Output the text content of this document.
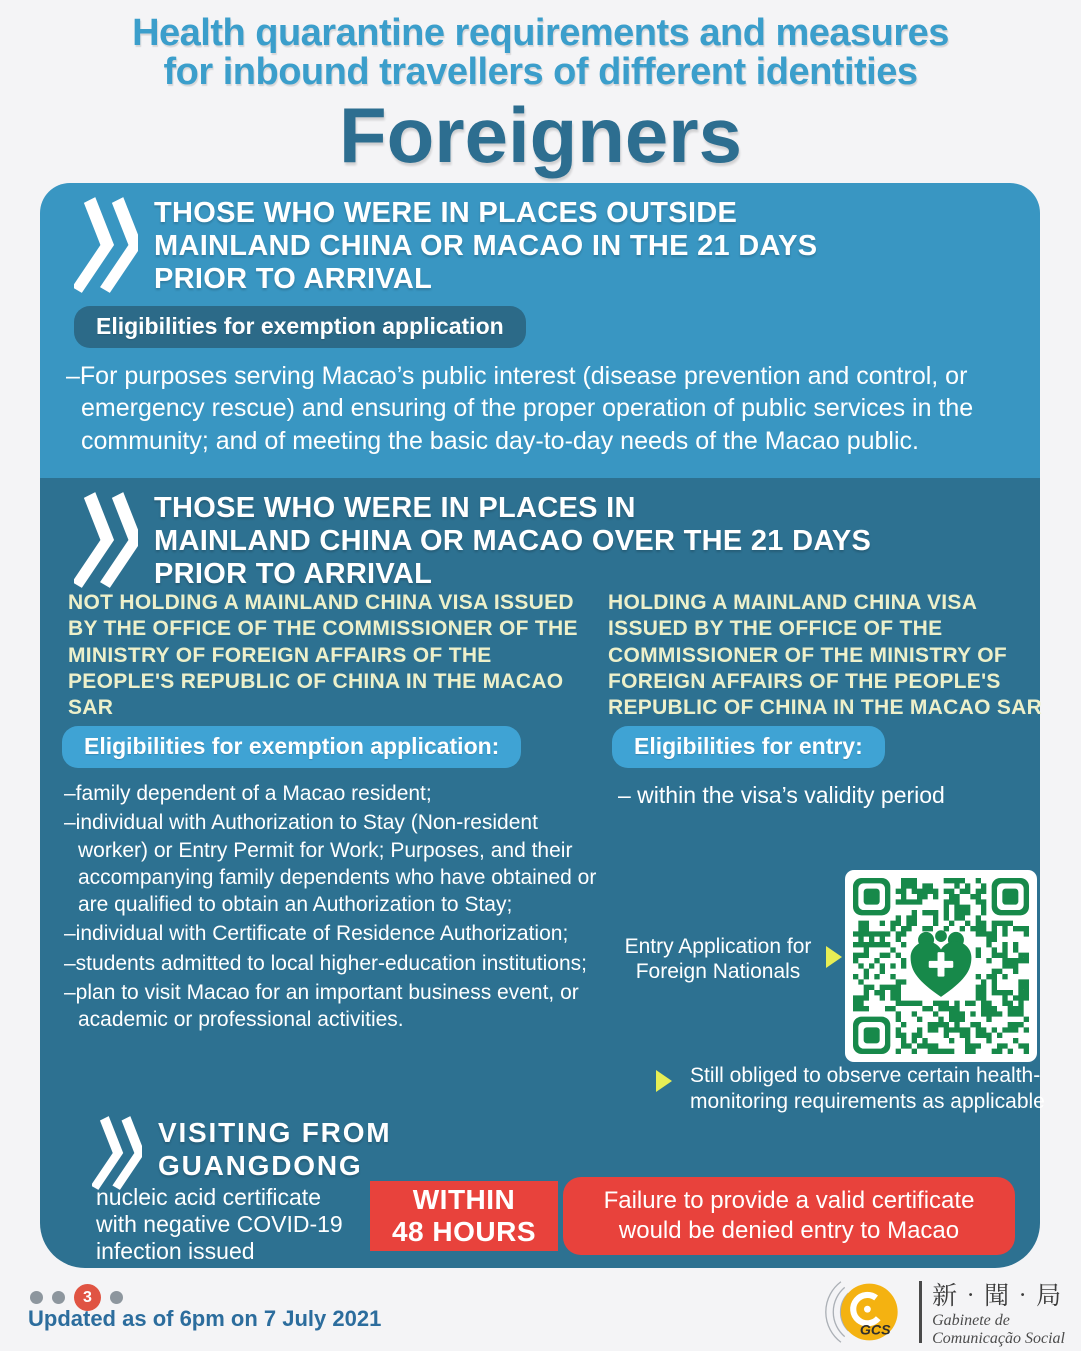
Health quarantine requirements and measures
for inbound travellers of different identities
Foreigners
THOSE WHO WERE IN PLACES OUTSIDE
MAINLAND CHINA OR MACAO IN THE 21 DAYS
PRIOR TO ARRIVAL
Eligibilities for exemption application

–For purposes serving Macao’s public interest (disease prevention and control, or emergency rescue) and ensuring of the proper operation of public services in the community; and of meeting the basic day-to-day needs of the Macao public.

THOSE WHO WERE IN PLACES IN
MAINLAND CHINA OR MACAO OVER THE 21 DAYS
PRIOR TO ARRIVAL
NOT HOLDING A MAINLAND CHINA VISA ISSUED BY THE OFFICE OF THE COMMISSIONER OF THE MINISTRY OF FOREIGN AFFAIRS OF THE PEOPLE'S REPUBLIC OF CHINA IN THE MACAO SAR
HOLDING A MAINLAND CHINA VISA ISSUED BY THE OFFICE OF THE COMMISSIONER OF THE MINISTRY OF FOREIGN AFFAIRS OF THE PEOPLE'S REPUBLIC OF CHINA IN THE MACAO SAR
Eligibilities for exemption application:	Eligibilities for entry:
–family dependent of a Macao resident;
–individual with Authorization to Stay (Non-resident worker) or Entry Permit for Work; Purposes, and their accompanying family dependents who have obtained or are qualified to obtain an Authorization to Stay;
–individual with Certificate of Residence Authorization;
–students admitted to local higher-education institutions;
–plan to visit Macao for an important business event, or academic or professional activities.
– within the visa’s validity period
Entry Application for
Foreign Nationals
Still obliged to observe certain health-monitoring requirements as applicable
VISITING FROM
GUANGDONG
nucleic acid certificate
with negative COVID-19
infection issued
WITHIN
48 HOURS
Failure to provide a valid certificate
would be denied entry to Macao
3
Updated as of 6pm on 7 July 2021	GCS
新‧聞‧局
Gabinete de
Comunicação Social
